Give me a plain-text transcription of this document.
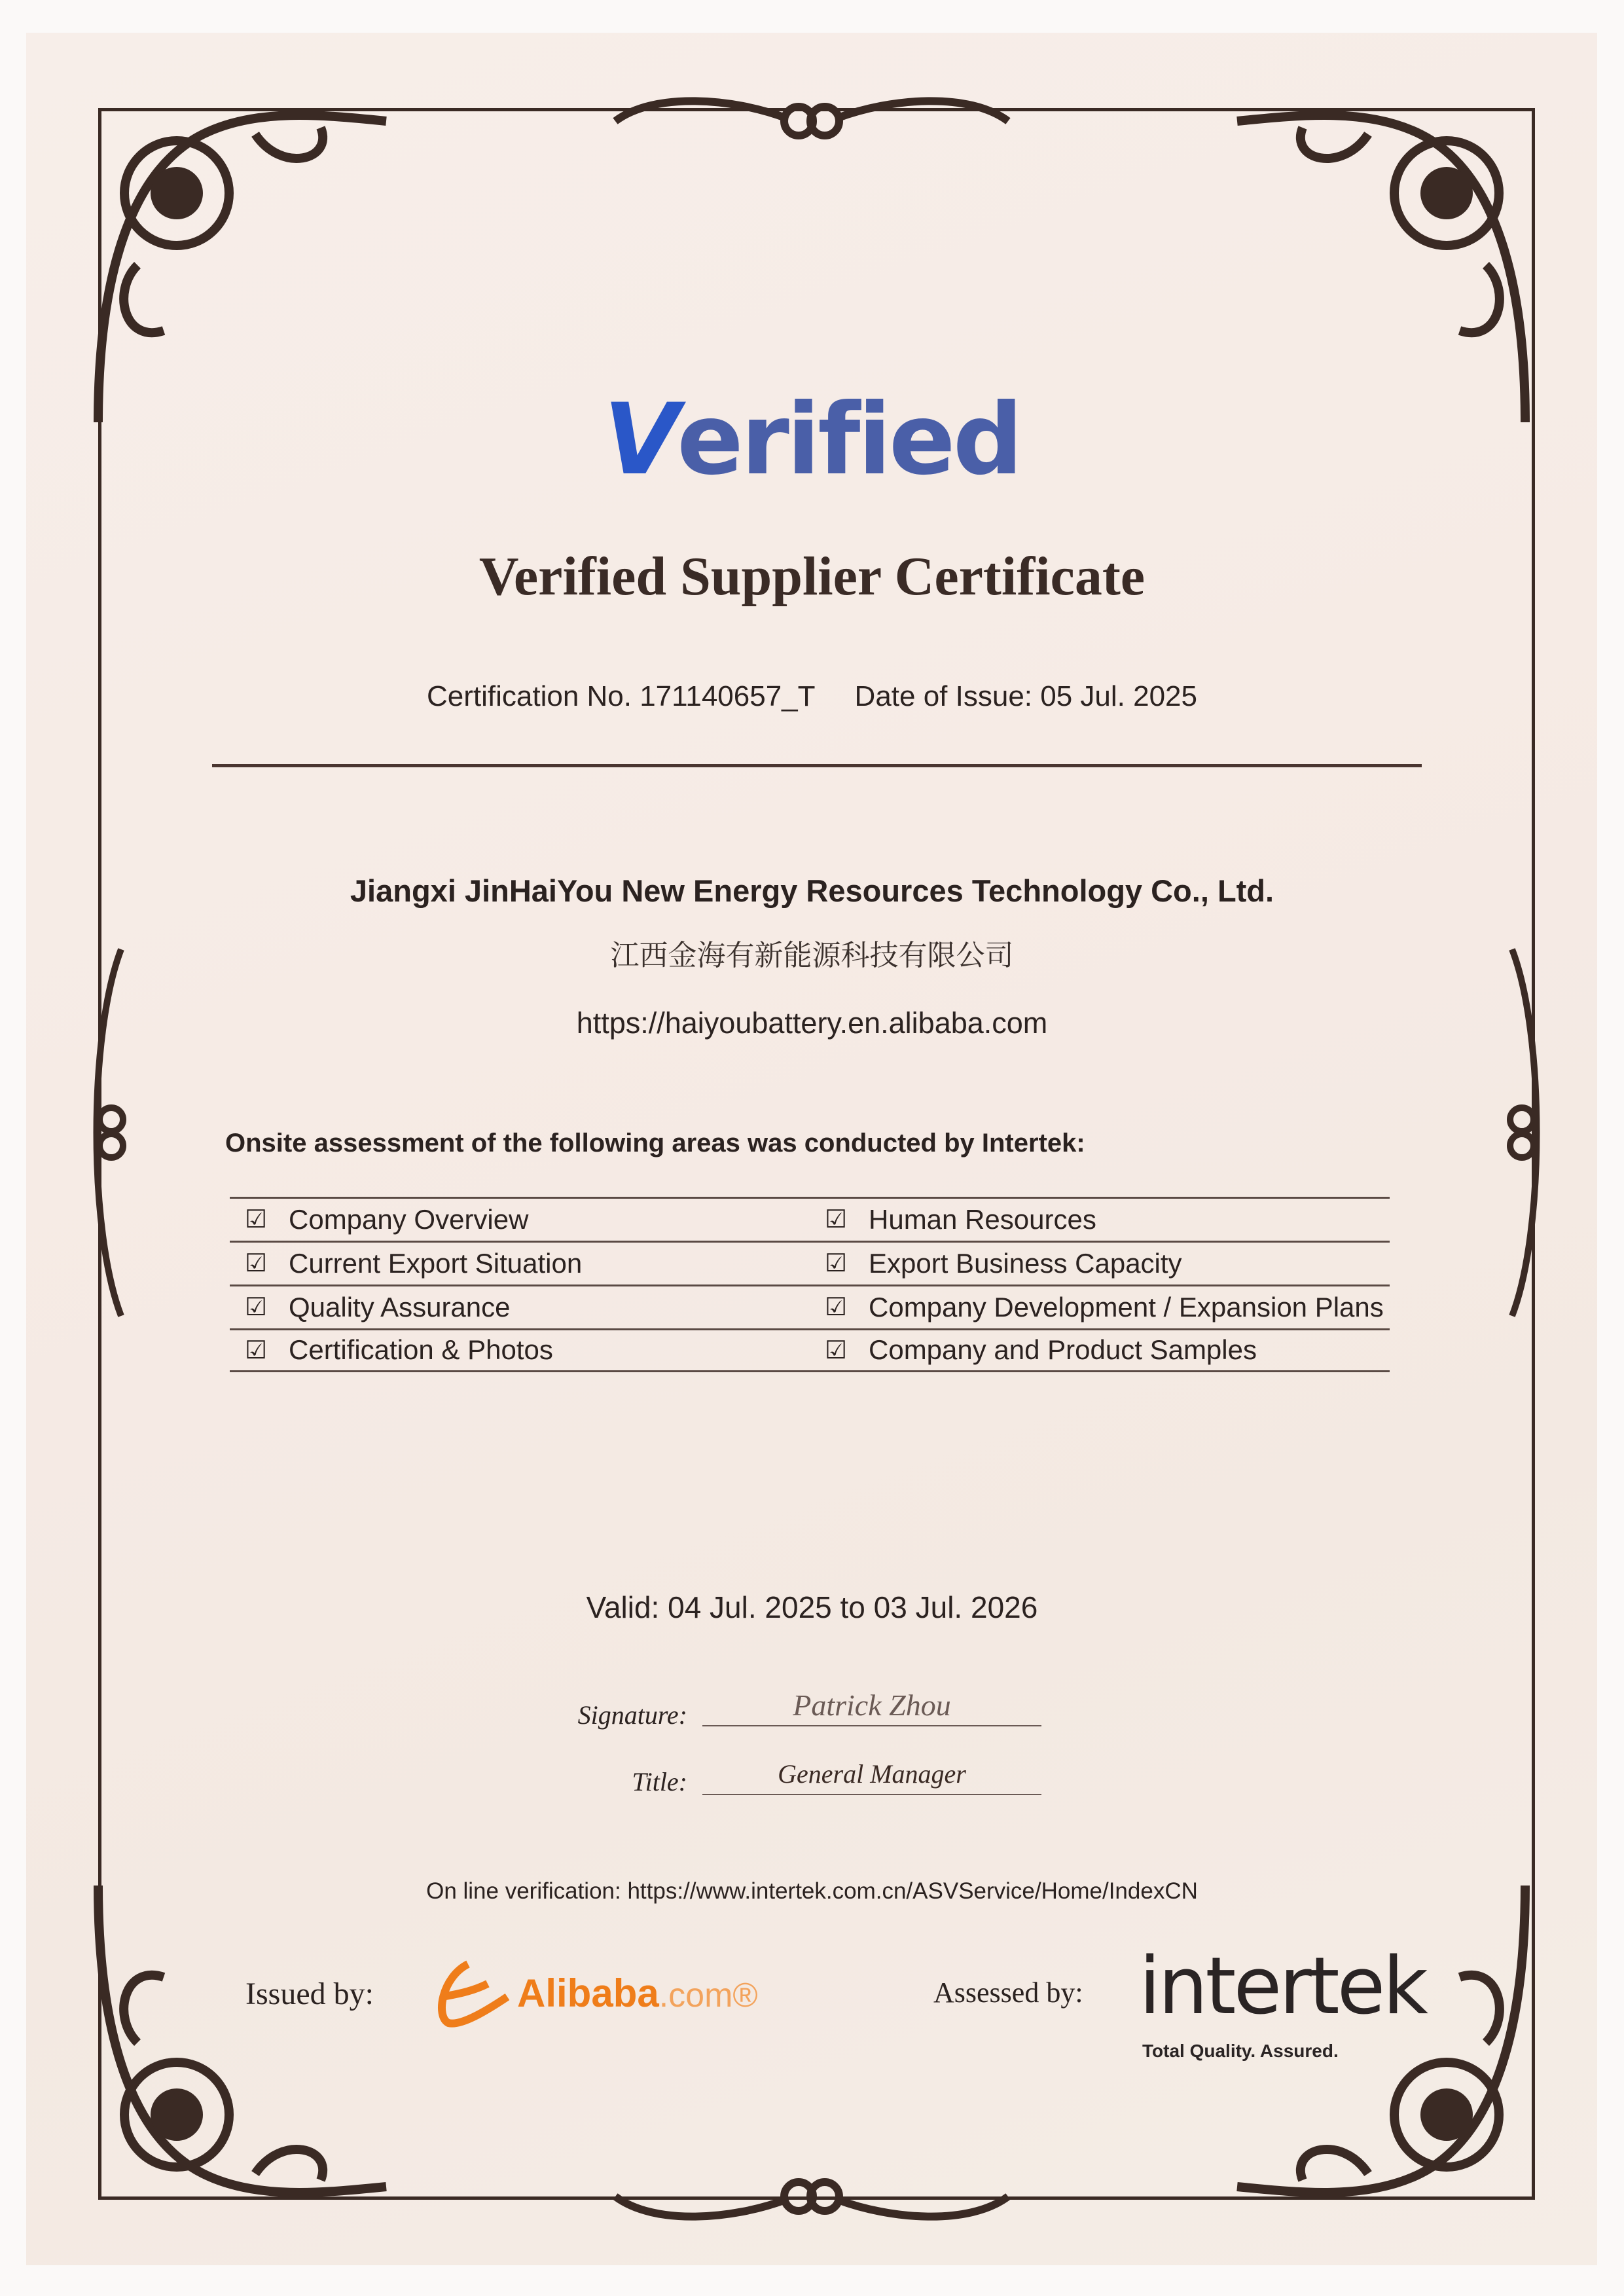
Verified
Verified Supplier Certificate
Certification No. 171140657_T Date of Issue: 05 Jul. 2025
Jiangxi JinHaiYou New Energy Resources Technology Co., Ltd.
江西金海有新能源科技有限公司
https://haiyoubattery.en.alibaba.com
Onsite assessment of the following areas was conducted by Intertek:
☑ Company Overview	☑ Human Resources
☑ Current Export Situation	☑ Export Business Capacity
☑ Quality Assurance	☑ Company Development / Expansion Plans
☑ Certification & Photos	☑ Company and Product Samples
Valid: 04 Jul. 2025 to 03 Jul. 2026
Signature:	Patrick Zhou
Title:	General Manager
On line verification: https://www.intertek.com.cn/ASVService/Home/IndexCN
Issued by:	Alibaba.com®	Assessed by: intertek
Total Quality. Assured.
